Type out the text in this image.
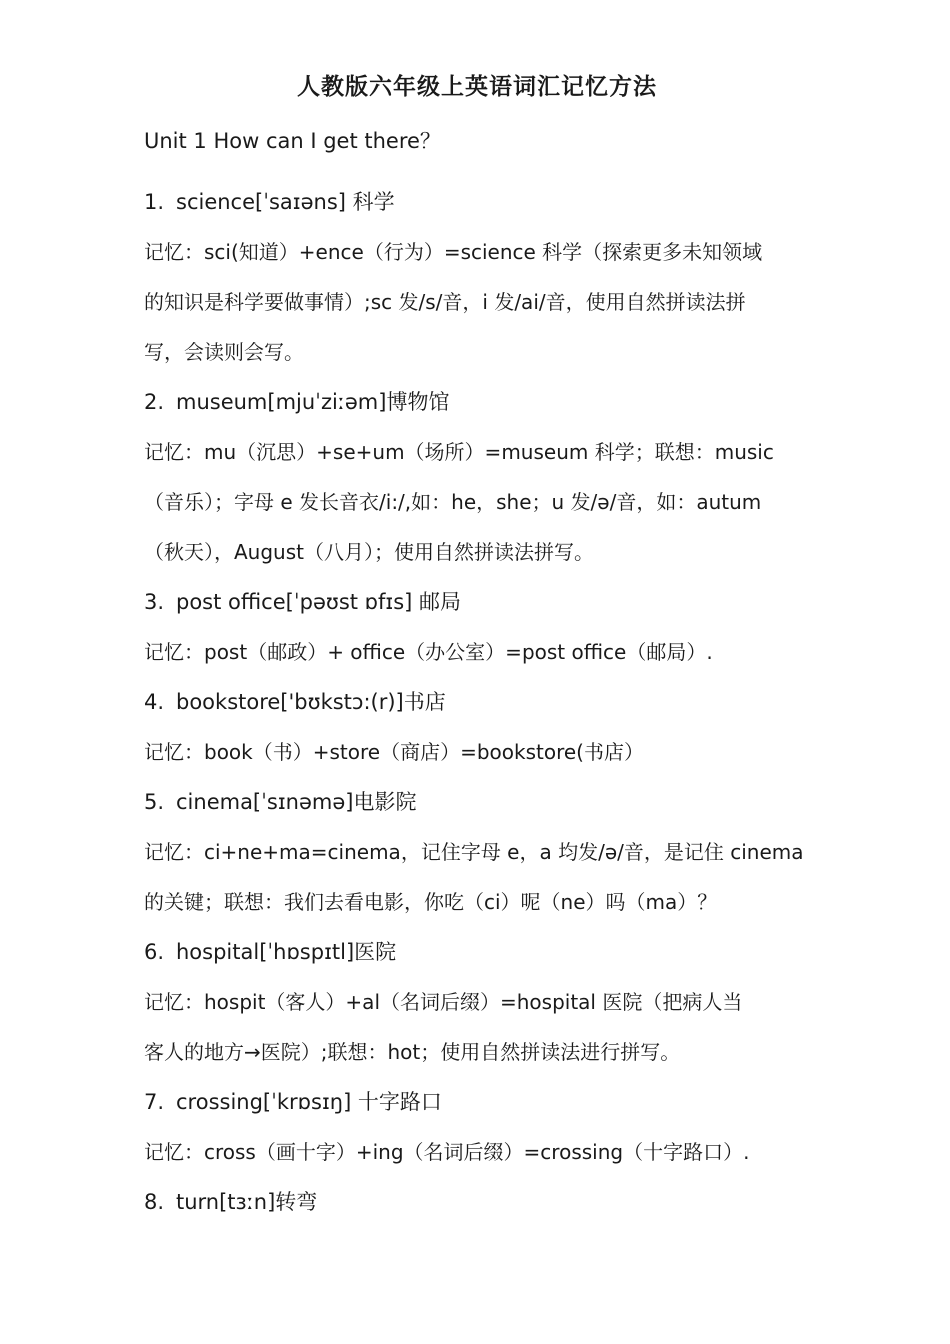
人教版六年级上英语词汇记忆方法

Unit 1 How can I get there？

1. science[ˈsaɪəns] 科学

记忆：sci(知道）+ence（行为）=science 科学（探索更多未知领域

的知识是科学要做事情）;sc 发/s/音，i 发/ai/音，使用自然拼读法拼

写，会读则会写。

2. museum[mjuˈziːəm]博物馆

记忆：mu（沉思）+se+um（场所）=museum 科学；联想：music

（音乐）；字母 e 发长音衣/i:/,如：he，she；u 发/ə/音，如：autum

（秋天），August（八月）；使用自然拼读法拼写。

3. post office[ˈpəʊst ɒfɪs] 邮局

记忆：post（邮政）+ office（办公室）=post office（邮局）.

4. bookstore['bʊkstɔ:(r)]书店

记忆：book（书）+store（商店）=bookstore(书店）

5. cinema[ˈsɪnəmə]电影院

记忆：ci+ne+ma=cinema，记住字母 e，a 均发/ə/音，是记住 cinema

的关键；联想：我们去看电影，你吃（ci）呢（ne）吗（ma）？

6. hospital[ˈhɒspɪtl]医院

记忆：hospit（客人）+al（名词后缀）=hospital 医院（把病人当

客人的地方→医院）;联想：hot；使用自然拼读法进行拼写。

7. crossing[ˈkrɒsɪŋ] 十字路口

记忆：cross（画十字）+ing（名词后缀）=crossing（十字路口）.

8. turn[tɜːn]转弯
